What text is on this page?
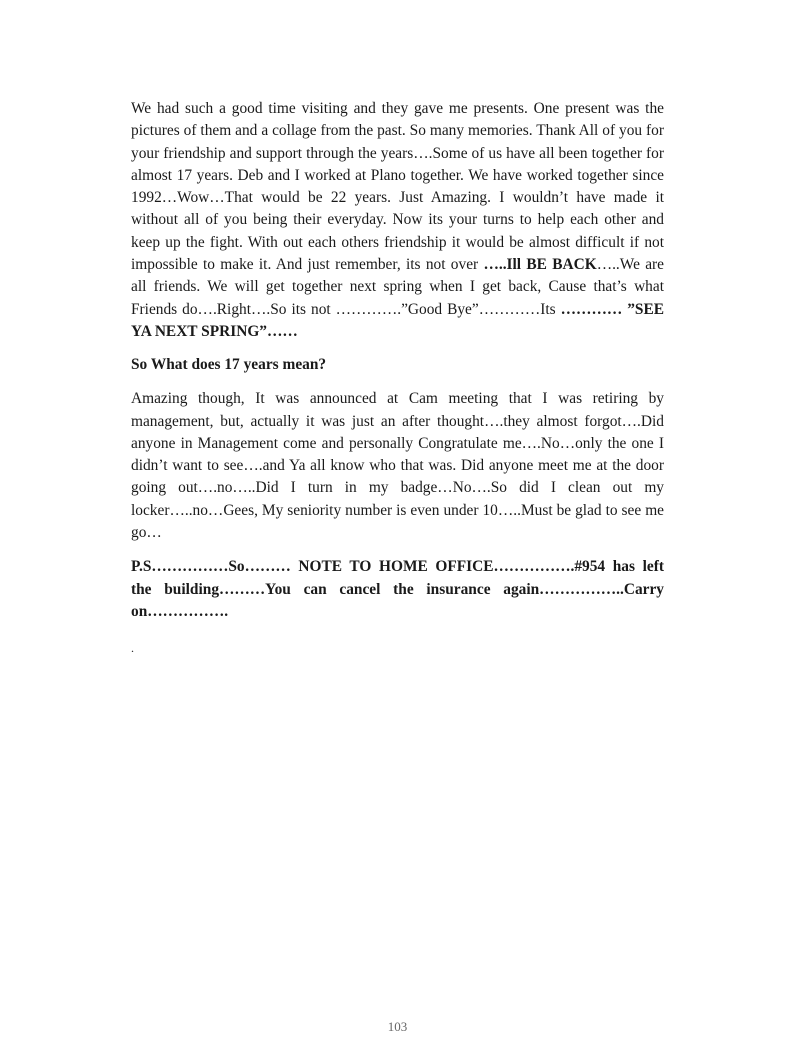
We had such a good time visiting and they gave me presents. One present was the pictures of them and a collage from the past. So many memories. Thank All of you for your friendship and support through the years….Some of us have all been together for almost 17 years. Deb and I worked at Plano together. We have worked together since 1992…Wow…That would be 22 years. Just Amazing. I wouldn’t have made it without all of you being their everyday. Now its your turns to help each other and keep up the fight. With out each others friendship it would be almost difficult if not impossible to make it. And just remember, its not over …..Ill BE BACK…..We are all friends. We will get together next spring when I get back, Cause that’s what Friends do….Right….So its not ………….”Good Bye”…………Its ………… ”SEE YA NEXT SPRING”……

So What does 17 years mean?

Amazing though, It was announced at Cam meeting that I was retiring by management, but, actually it was just an after thought….they almost forgot….Did anyone in Management come and personally Congratulate me….No…only the one I didn’t want to see….and Ya all know who that was. Did anyone meet me at the door going out….no…..Did I turn in my badge…No….So did I clean out my locker…..no…Gees, My seniority number is even under 10…..Must be glad to see me go…

P.S……………So……… NOTE TO HOME OFFICE…………….#954 has left the building………You can cancel the insurance again……………..Carry on…………….

.

103
